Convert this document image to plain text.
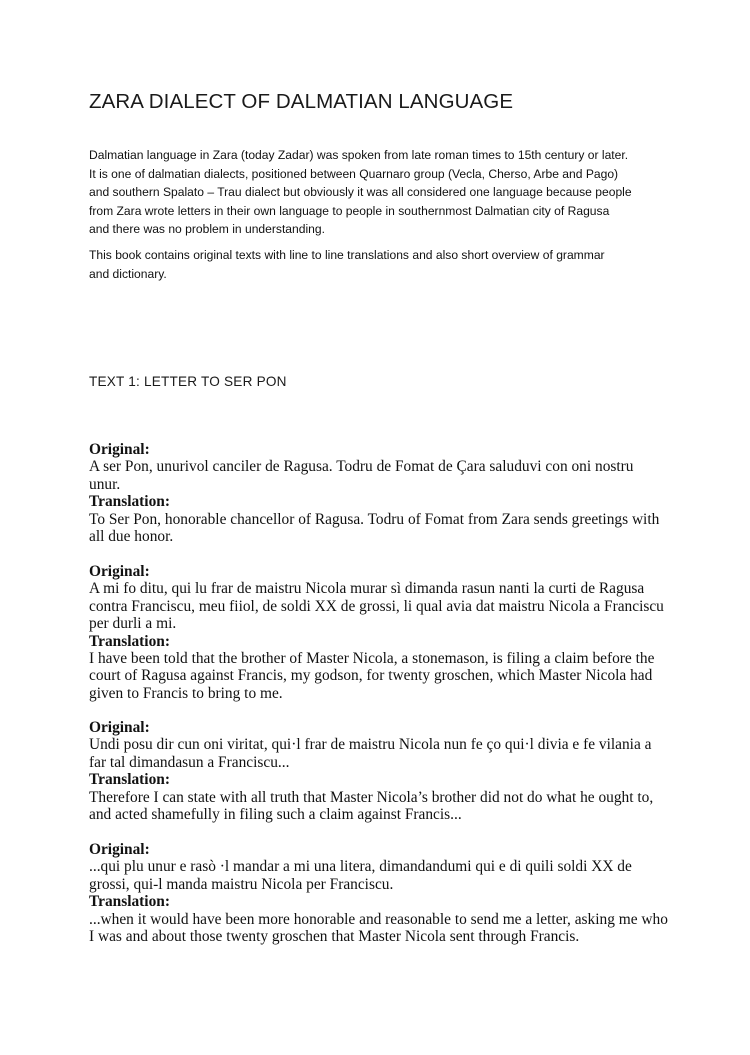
ZARA DIALECT OF DALMATIAN LANGUAGE

Dalmatian language in Zara (today Zadar) was spoken from late roman times to 15th century or later.

It is one of dalmatian dialects, positioned between Quarnaro group (Vecla, Cherso, Arbe and Pago)

and southern Spalato – Trau dialect but obviously it was all considered one language because people

from Zara wrote letters in their own language to people in southernmost Dalmatian city of Ragusa

and there was no problem in understanding.

This book contains original texts with line to line translations and also short overview of grammar

and dictionary.

TEXT 1: LETTER TO SER PON
Original:
A ser Pon, unurivol canciler de Ragusa. Todru de Fomat de Çara saluduvi con oni nostru
unur.
Translation:
To Ser Pon, honorable chancellor of Ragusa. Todru of Fomat from Zara sends greetings with
all due honor.
Original:
A mi fo ditu, qui lu frar de maistru Nicola murar sì dimanda rasun nanti la curti de Ragusa
contra Franciscu, meu fiiol, de soldi XX de grossi, li qual avia dat maistru Nicola a Franciscu
per durli a mi.
Translation:
I have been told that the brother of Master Nicola, a stonemason, is filing a claim before the
court of Ragusa against Francis, my godson, for twenty groschen, which Master Nicola had
given to Francis to bring to me.
Original:
Undi posu dir cun oni viritat, qui·l frar de maistru Nicola nun fe ço qui·l divia e fe vilania a
far tal dimandasun a Franciscu...
Translation:
Therefore I can state with all truth that Master Nicola’s brother did not do what he ought to,
and acted shamefully in filing such a claim against Francis...
Original:
...qui plu unur e rasò ·l mandar a mi una litera, dimandandumi qui e di quili soldi XX de
grossi, qui-l manda maistru Nicola per Franciscu.
Translation:
...when it would have been more honorable and reasonable to send me a letter, asking me who
I was and about those twenty groschen that Master Nicola sent through Francis.
